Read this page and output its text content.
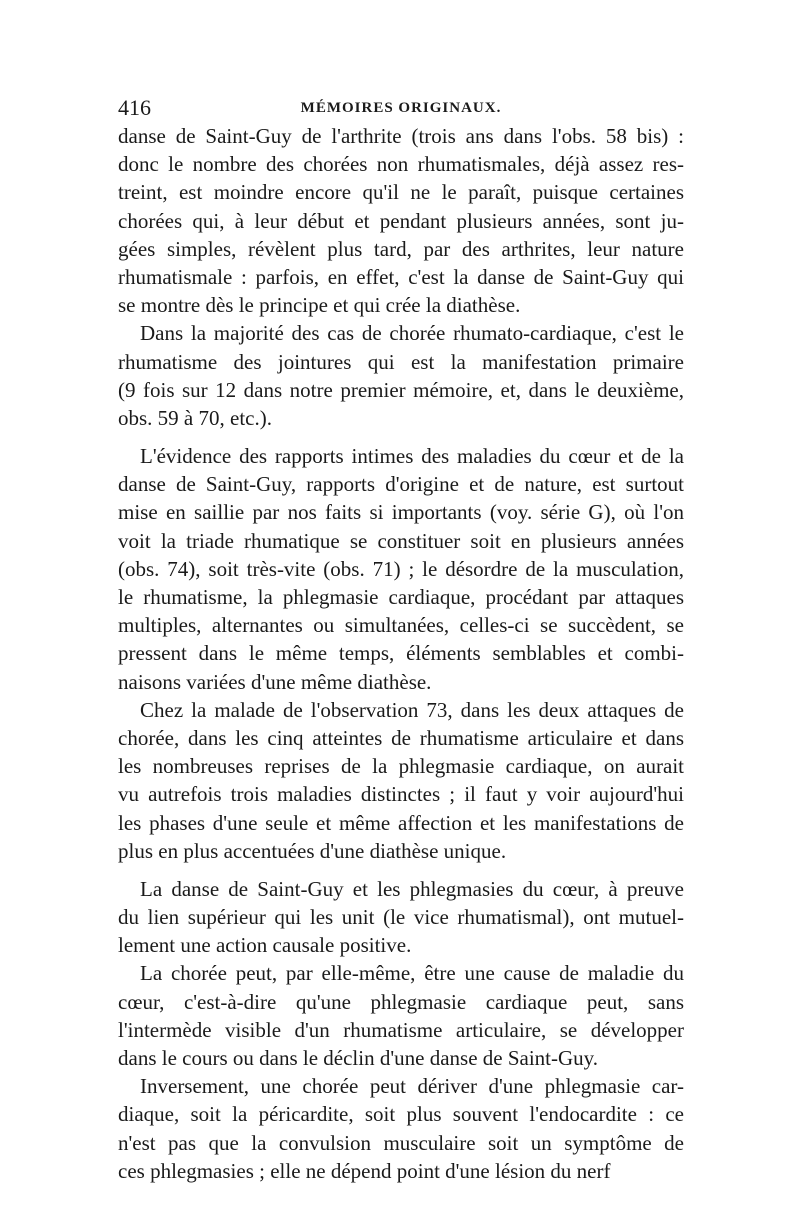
416	MÉMOIRES ORIGINAUX.
danse de Saint-Guy de l'arthrite (trois ans dans l'obs. 58 bis) :
donc le nombre des chorées non rhumatismales, déjà assez res-
treint, est moindre encore qu'il ne le paraît, puisque certaines
chorées qui, à leur début et pendant plusieurs années, sont ju-
gées simples, révèlent plus tard, par des arthrites, leur nature
rhumatismale : parfois, en effet, c'est la danse de Saint-Guy qui
se montre dès le principe et qui crée la diathèse.
Dans la majorité des cas de chorée rhumato-cardiaque, c'est le
rhumatisme des jointures qui est la manifestation primaire
(9 fois sur 12 dans notre premier mémoire, et, dans le deuxième,
obs. 59 à 70, etc.).
L'évidence des rapports intimes des maladies du cœur et de la
danse de Saint-Guy, rapports d'origine et de nature, est surtout
mise en saillie par nos faits si importants (voy. série G), où l'on
voit la triade rhumatique se constituer soit en plusieurs années
(obs. 74), soit très-vite (obs. 71) ; le désordre de la musculation,
le rhumatisme, la phlegmasie cardiaque, procédant par attaques
multiples, alternantes ou simultanées, celles-ci se succèdent, se
pressent dans le même temps, éléments semblables et combi-
naisons variées d'une même diathèse.
Chez la malade de l'observation 73, dans les deux attaques de
chorée, dans les cinq atteintes de rhumatisme articulaire et dans
les nombreuses reprises de la phlegmasie cardiaque, on aurait
vu autrefois trois maladies distinctes ; il faut y voir aujourd'hui
les phases d'une seule et même affection et les manifestations de
plus en plus accentuées d'une diathèse unique.
La danse de Saint-Guy et les phlegmasies du cœur, à preuve
du lien supérieur qui les unit (le vice rhumatismal), ont mutuel-
lement une action causale positive.
La chorée peut, par elle-même, être une cause de maladie du
cœur, c'est-à-dire qu'une phlegmasie cardiaque peut, sans
l'intermède visible d'un rhumatisme articulaire, se développer
dans le cours ou dans le déclin d'une danse de Saint-Guy.
Inversement, une chorée peut dériver d'une phlegmasie car-
diaque, soit la péricardite, soit plus souvent l'endocardite : ce
n'est pas que la convulsion musculaire soit un symptôme de
ces phlegmasies ; elle ne dépend point d'une lésion du nerf
